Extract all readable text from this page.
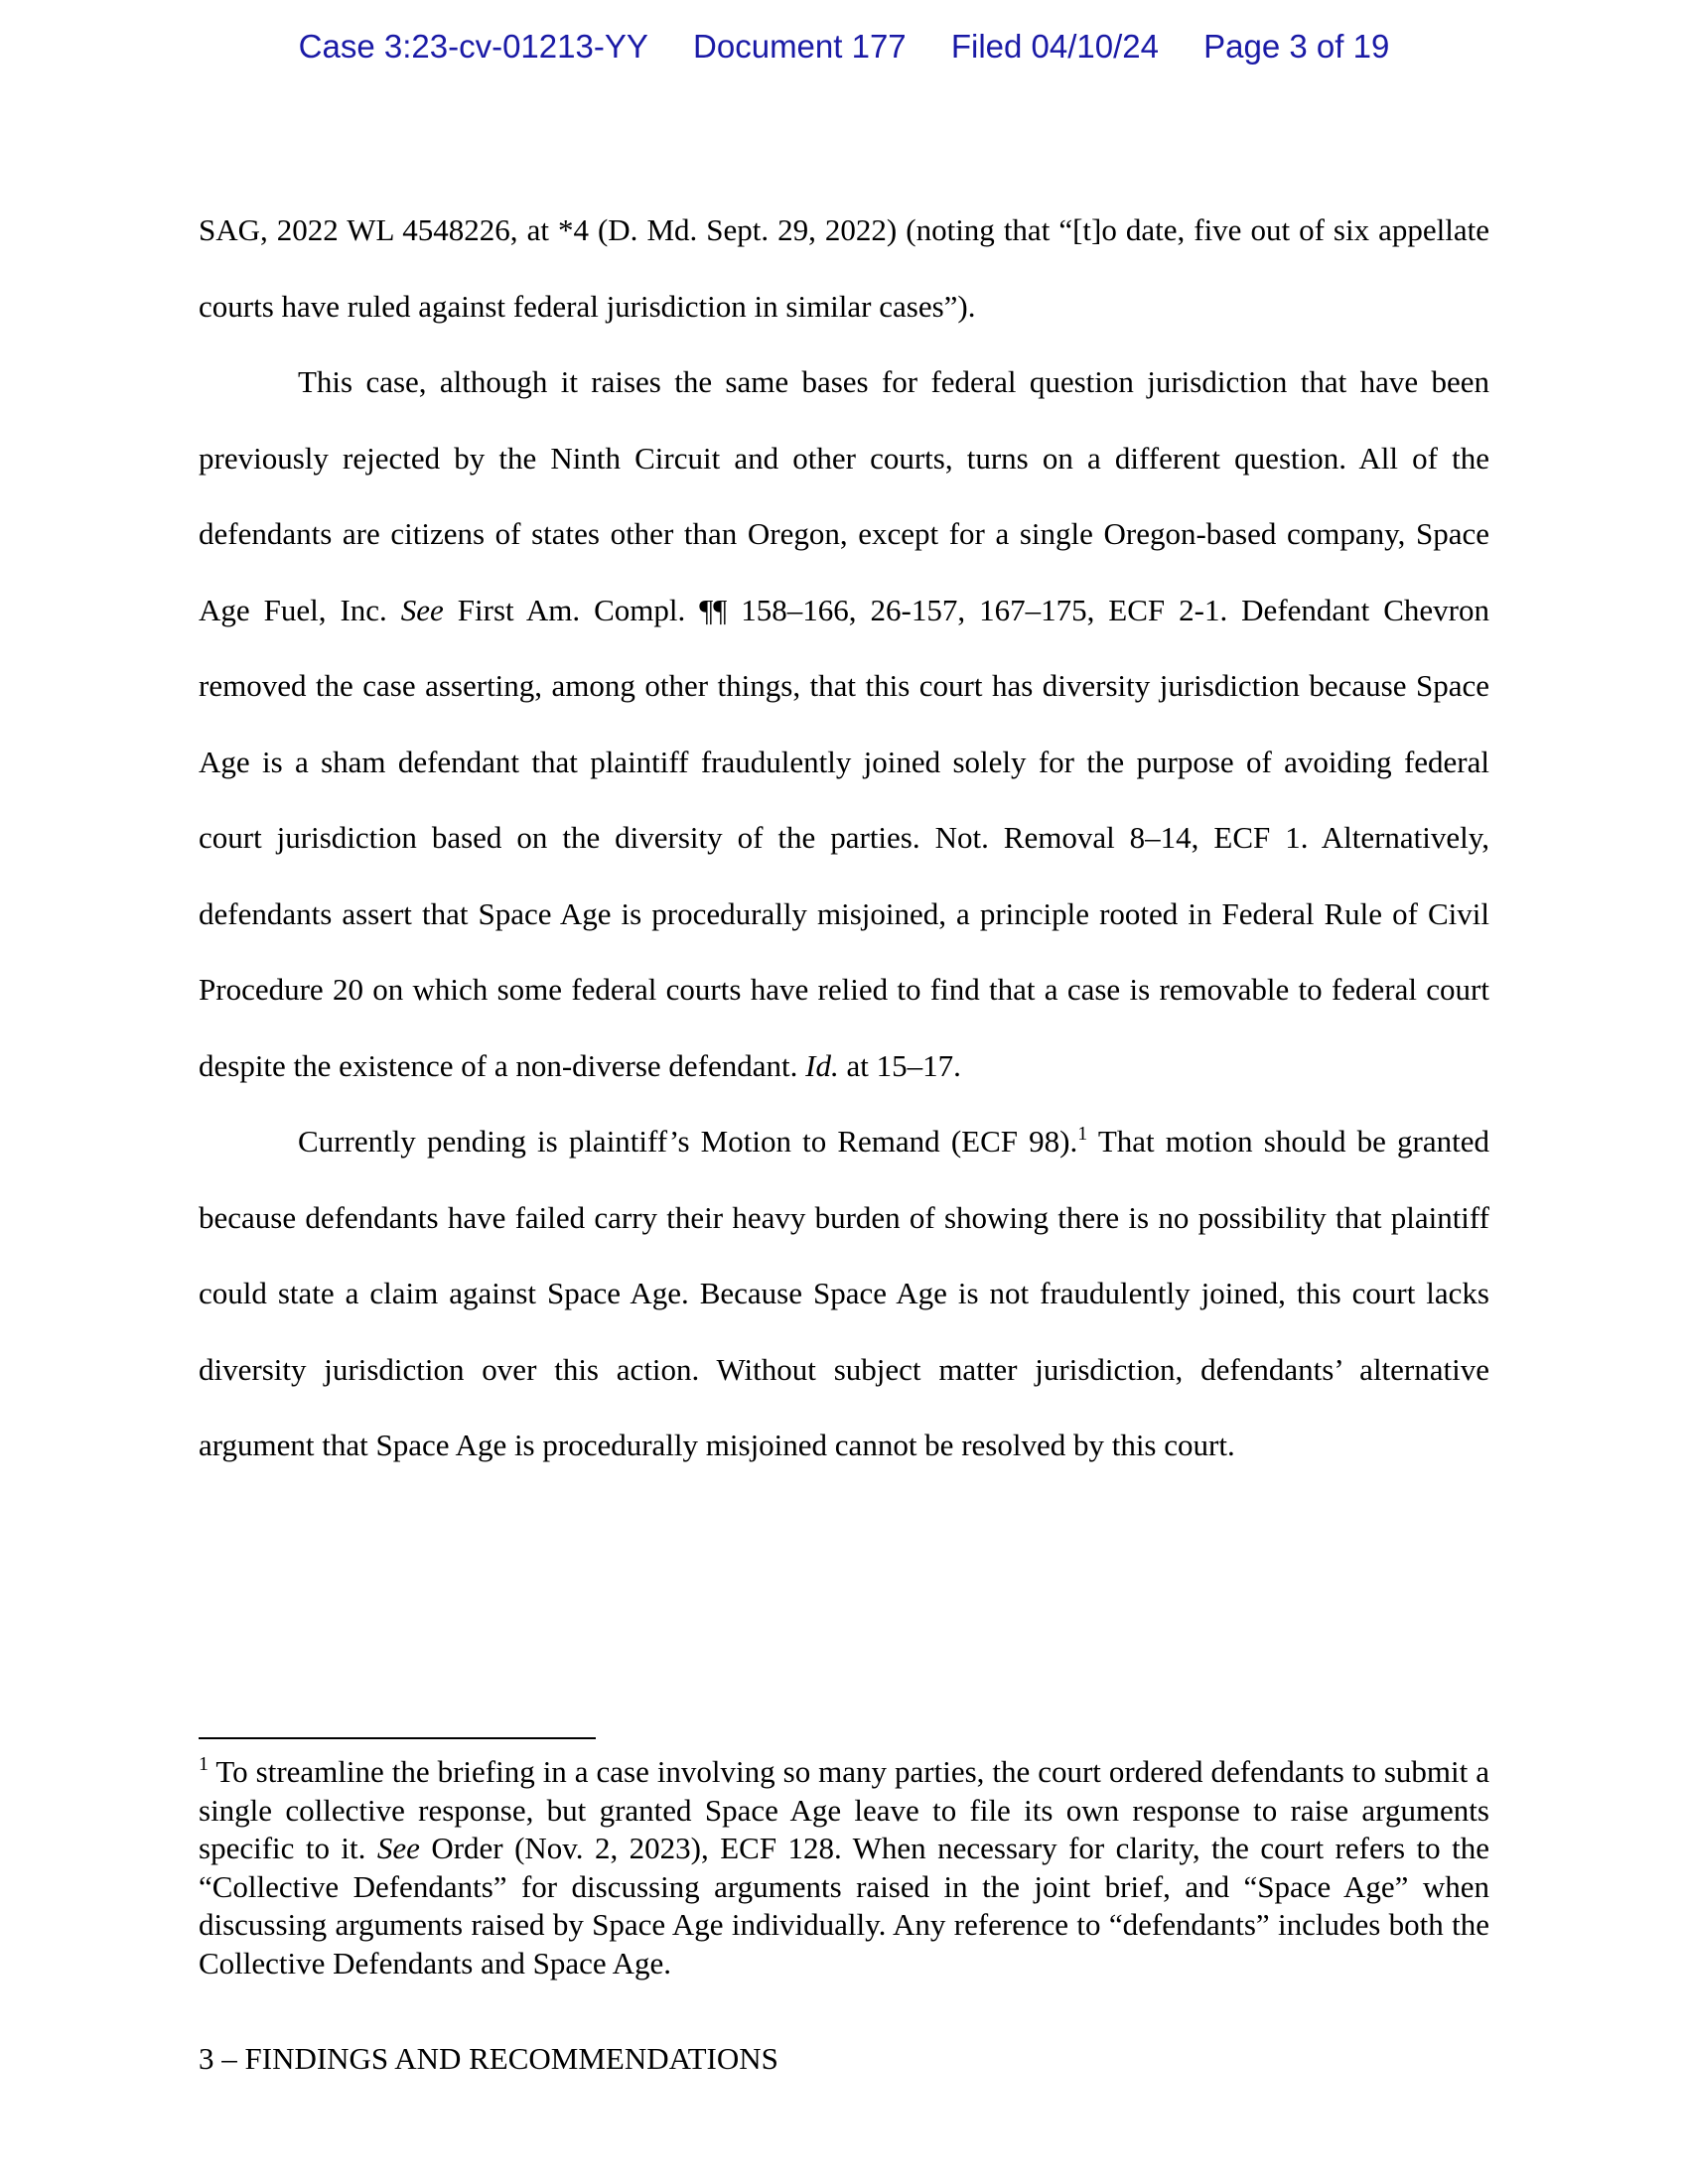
Case 3:23-cv-01213-YY Document 177 Filed 04/10/24 Page 3 of 19

SAG, 2022 WL 4548226, at *4 (D. Md. Sept. 29, 2022) (noting that “[t]o date, five out of six appellate courts have ruled against federal jurisdiction in similar cases”).

This case, although it raises the same bases for federal question jurisdiction that have been previously rejected by the Ninth Circuit and other courts, turns on a different question. All of the defendants are citizens of states other than Oregon, except for a single Oregon-based company, Space Age Fuel, Inc. See First Am. Compl. ¶¶ 158–166, 26-157, 167–175, ECF 2-1. Defendant Chevron removed the case asserting, among other things, that this court has diversity jurisdiction because Space Age is a sham defendant that plaintiff fraudulently joined solely for the purpose of avoiding federal court jurisdiction based on the diversity of the parties. Not. Removal 8–14, ECF 1. Alternatively, defendants assert that Space Age is procedurally misjoined, a principle rooted in Federal Rule of Civil Procedure 20 on which some federal courts have relied to find that a case is removable to federal court despite the existence of a non-diverse defendant. Id. at 15–17.

Currently pending is plaintiff’s Motion to Remand (ECF 98).$^1$ That motion should be granted because defendants have failed carry their heavy burden of showing there is no possibility that plaintiff could state a claim against Space Age. Because Space Age is not fraudulently joined, this court lacks diversity jurisdiction over this action. Without subject matter jurisdiction, defendants’ alternative argument that Space Age is procedurally misjoined cannot be resolved by this court.

$^1$ To streamline the briefing in a case involving so many parties, the court ordered defendants to submit a single collective response, but granted Space Age leave to file its own response to raise arguments specific to it. See Order (Nov. 2, 2023), ECF 128. When necessary for clarity, the court refers to the “Collective Defendants” for discussing arguments raised in the joint brief, and “Space Age” when discussing arguments raised by Space Age individually. Any reference to “defendants” includes both the Collective Defendants and Space Age.

3 – FINDINGS AND RECOMMENDATIONS
